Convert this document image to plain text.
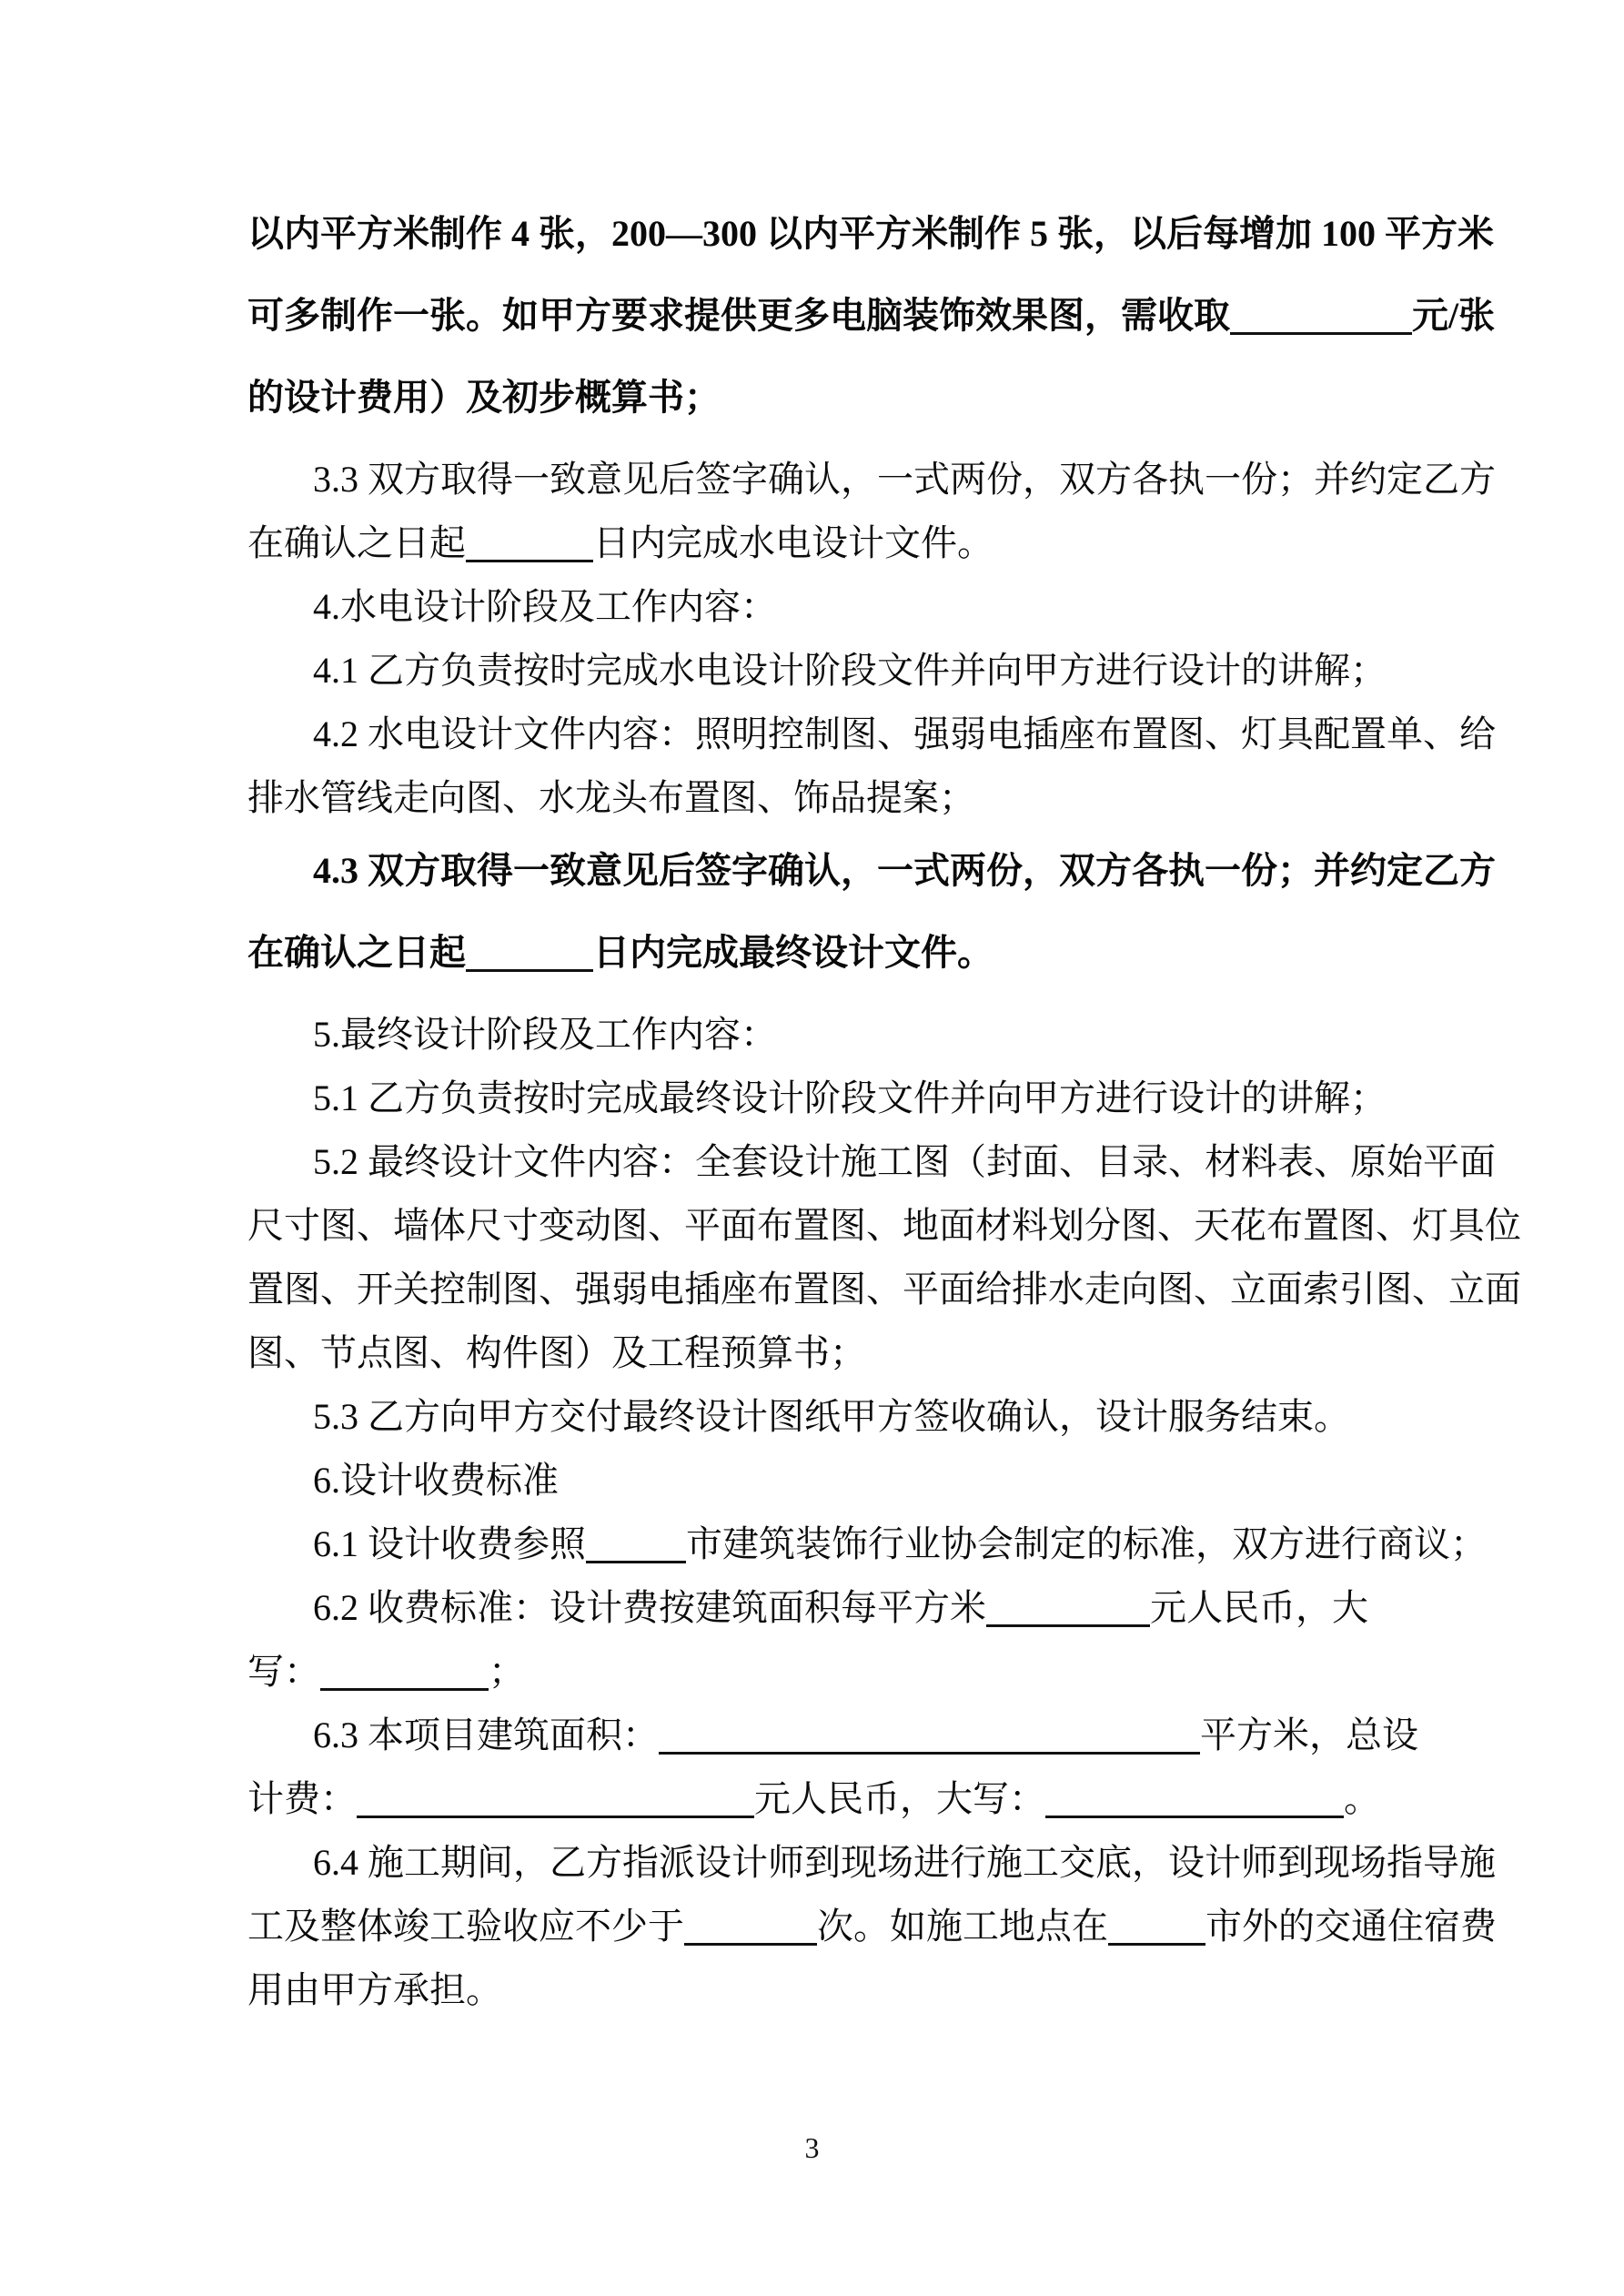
以内平方米制作 4 张，200—300 以内平方米制作 5 张，以后每增加 100 平方米
可多制作一张。如甲方要求提供更多电脑装饰效果图，需收取	元/张
的设计费用）及初步概算书；
3.3 双方取得一致意见后签字确认，一式两份，双方各执一份；并约定乙方
在确认之日起	日内完成水电设计文件。
4.水电设计阶段及工作内容：
4.1 乙方负责按时完成水电设计阶段文件并向甲方进行设计的讲解；
4.2 水电设计文件内容：照明控制图、强弱电插座布置图、灯具配置单、给
排水管线走向图、水龙头布置图、饰品提案；
4.3 双方取得一致意见后签字确认，一式两份，双方各执一份；并约定乙方
在确认之日起	日内完成最终设计文件。
5.最终设计阶段及工作内容：
5.1 乙方负责按时完成最终设计阶段文件并向甲方进行设计的讲解；
5.2 最终设计文件内容：全套设计施工图（封面、目录、材料表、原始平面
尺寸图、墙体尺寸变动图、平面布置图、地面材料划分图、天花布置图、灯具位
置图、开关控制图、强弱电插座布置图、平面给排水走向图、立面索引图、立面
图、节点图、构件图）及工程预算书；
5.3 乙方向甲方交付最终设计图纸甲方签收确认，设计服务结束。
6.设计收费标准
6.1 设计收费参照	市建筑装饰行业协会制定的标准，双方进行商议；
6.2 收费标准：设计费按建筑面积每平方米	元人民币，大
写：	；
6.3 本项目建筑面积：	平方米，总设
计费：	元人民币，大写：	。
6.4 施工期间，乙方指派设计师到现场进行施工交底，设计师到现场指导施
工及整体竣工验收应不少于	次。如施工地点在	市外的交通住宿费
用由甲方承担。
3
